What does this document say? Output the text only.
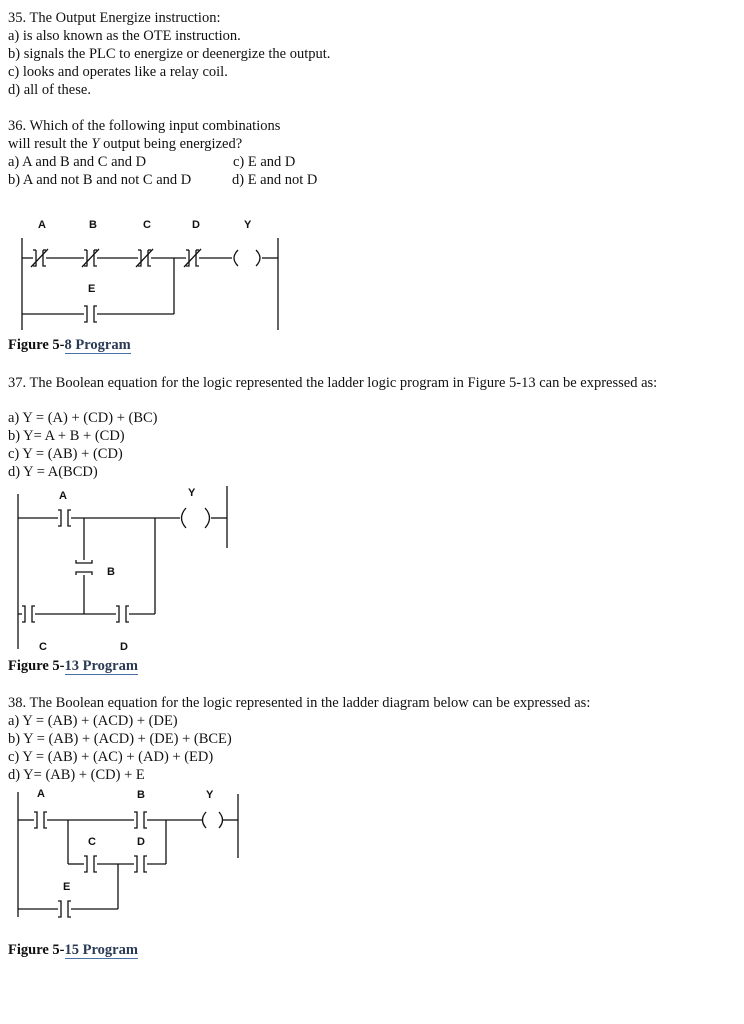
35. The Output Energize instruction:
a) is also known as the OTE instruction.
b) signals the PLC to energize or deenergize the output.
c) looks and operates like a relay coil.
d) all of these.
36. Which of the following input combinations
will result the Y output being energized?
a) A and B and C and D	c) E and D
b) A and not B and not C and D	d) E and not D
A	B	C	D	Y
E
Figure 5-8 Program
37. The Boolean equation for the logic represented the ladder logic program in Figure 5-13 can be expressed as:
a) Y = (A) + (CD) + (BC)
b) Y= A + B + (CD)
c) Y = (AB) + (CD)
d) Y = A(BCD)
A	Y
B
C	D
Figure 5-13 Program
38. The Boolean equation for the logic represented in the ladder diagram below can be expressed as:
a) Y = (AB) + (ACD) + (DE)
b) Y = (AB) + (ACD) + (DE) + (BCE)
c) Y = (AB) + (AC) + (AD) + (ED)
d) Y= (AB) + (CD) + E
A	B	Y
C	D
E
Figure 5-15 Program
